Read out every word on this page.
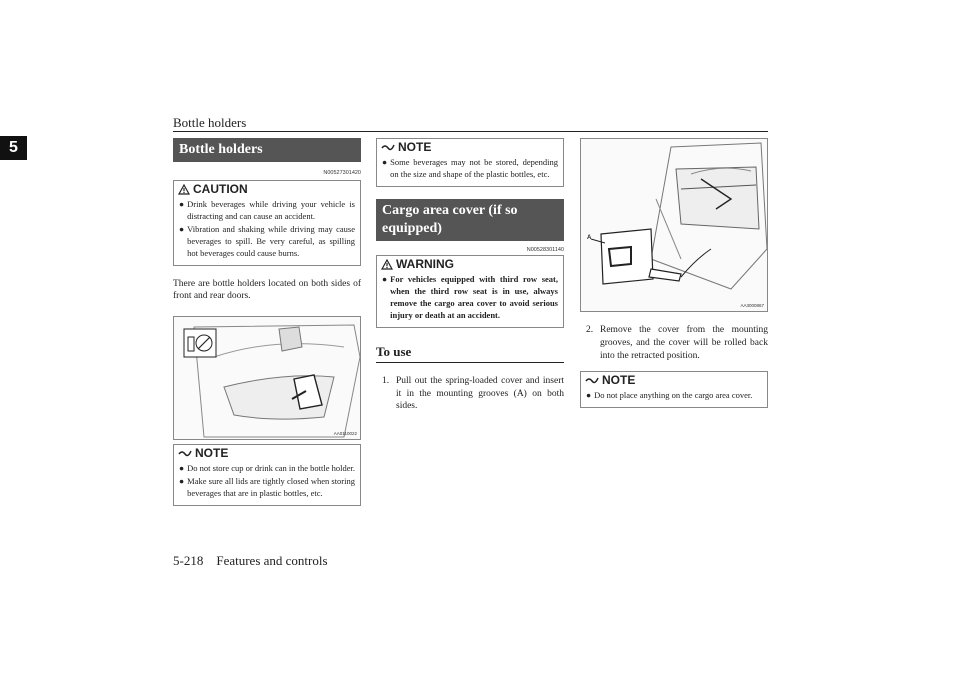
Bottle holders
5	Bottle holders
N00527301420
CAUTION
● Drink beverages while driving your vehicle is distracting and can cause an accident.
● Vibration and shaking while driving may cause beverages to spill. Be very careful, as spilling hot beverages could cause burns.
There are bottle holders located on both sides of front and rear doors.
AA0110022
NOTE
● Do not store cup or drink can in the bottle holder.
● Make sure all lids are tightly closed when storing beverages that are in plastic bottles, etc.
NOTE
● Some beverages may not be stored, depending on the size and shape of the plastic bottles, etc.
Cargo area cover (if so equipped)
N00528301140
WARNING
● For vehicles equipped with third row seat, when the third row seat is in use, always remove the cargo area cover to avoid serious injury or death at an accident.
To use
1. Pull out the spring-loaded cover and insert it in the mounting grooves (A) on both sides.
A
AA3000867
2. Remove the cover from the mounting grooves, and the cover will be rolled back into the retracted position.
NOTE
● Do not place anything on the cargo area cover.
5-218 Features and controls
